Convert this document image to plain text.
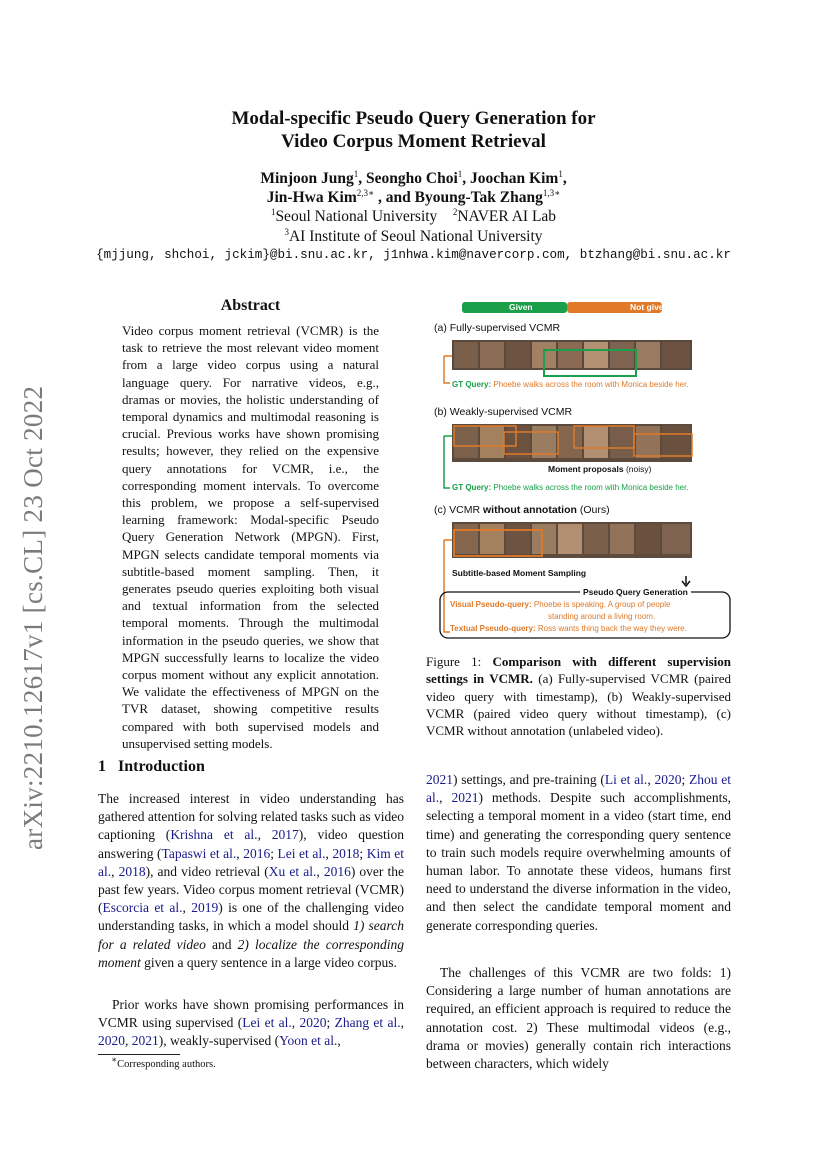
arXiv:2210.12617v1 [cs.CL] 23 Oct 2022
Modal-specific Pseudo Query Generation for
Video Corpus Moment Retrieval
Minjoon Jung$^1$, Seongho Choi$^1$, Joochan Kim$^1$,
Jin-Hwa Kim$^{2,3∗}$ , and Byoung-Tak Zhang$^{1,3∗}$
$^1$Seoul National University $^2$NAVER AI Lab
$^3$AI Institute of Seoul National University
{mjjung, shchoi, jckim}@bi.snu.ac.kr, j1nhwa.kim@navercorp.com, btzhang@bi.snu.ac.kr
Abstract
Video corpus moment retrieval (VCMR) is the task to retrieve the most relevant video moment from a large video corpus using a natural language query. For narrative videos, e.g., dramas or movies, the holistic understanding of temporal dynamics and multimodal reasoning is crucial. Previous works have shown promising results; however, they relied on the expensive query annotations for VCMR, i.e., the corresponding moment intervals. To overcome this problem, we propose a self-supervised learning framework: Modal-specific Pseudo Query Generation Network (MPGN). First, MPGN selects candidate temporal moments via subtitle-based moment sampling. Then, it generates pseudo queries exploiting both visual and textual information from the selected temporal moments. Through the multimodal information in the pseudo queries, we show that MPGN successfully learns to localize the video corpus moment without any explicit annotation. We validate the effectiveness of MPGN on the TVR dataset, showing competitive results compared with both supervised models and unsupervised setting models.
Given	Not given
(a) Fully-supervised VCMR
GT Query: Phoebe walks across the room with Monica beside her.
(b) Weakly-supervised VCMR
Moment proposals (noisy)
GT Query: Phoebe walks across the room with Monica beside her.
(c) VCMR without annotation (Ours)
Subtitle-based Moment Sampling
Pseudo Query Generation
Visual Pseudo-query: Phoebe is speaking. A group of people
standing around a living room.
Textual Pseudo-query: Ross wants thing back the way they were.
Figure 1: Comparison with different supervision settings in VCMR. (a) Fully-supervised VCMR (paired video query with timestamp), (b) Weakly-supervised VCMR (paired video query without timestamp), (c) VCMR without annotation (unlabeled video).
1 Introduction
The increased interest in video understanding has gathered attention for solving related tasks such as video captioning (Krishna et al., 2017), video question answering (Tapaswi et al., 2016; Lei et al., 2018; Kim et al., 2018), and video retrieval (Xu et al., 2016) over the past few years. Video corpus moment retrieval (VCMR) (Escorcia et al., 2019) is one of the challenging video understanding tasks, in which a model should 1) search for a related video and 2) localize the corresponding moment given a query sentence in a large video corpus.
Prior works have shown promising performances in VCMR using supervised (Lei et al., 2020; Zhang et al., 2020, 2021), weakly-supervised (Yoon et al.,
∗Corresponding authors.
2021) settings, and pre-training (Li et al., 2020; Zhou et al., 2021) methods. Despite such accomplishments, selecting a temporal moment in a video (start time, end time) and generating the corresponding query sentence to train such models require overwhelming amounts of human labor. To annotate these videos, humans first need to understand the diverse information in the video, and then select the candidate temporal moment and generate corresponding queries.
The challenges of this VCMR are two folds: 1) Considering a large number of human annotations are required, an efficient approach is required to reduce the annotation cost. 2) These multimodal videos (e.g., drama or movies) generally contain rich interactions between characters, which widely
